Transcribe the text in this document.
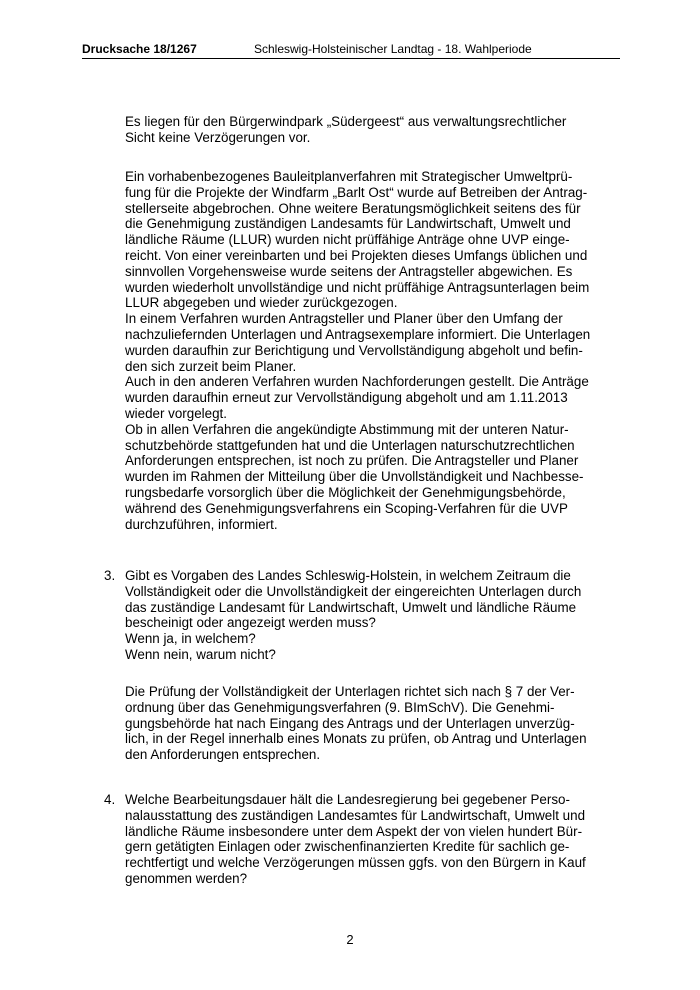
Drucksache 18/1267	Schleswig-Holsteinischer Landtag - 18. Wahlperiode
Es liegen für den Bürgerwindpark „Südergeest“ aus verwaltungsrechtlicher
Sicht keine Verzögerungen vor.
Ein vorhabenbezogenes Bauleitplanverfahren mit Strategischer Umweltprü-
fung für die Projekte der Windfarm „Barlt Ost“ wurde auf Betreiben der Antrag-
stellerseite abgebrochen. Ohne weitere Beratungsmöglichkeit seitens des für
die Genehmigung zuständigen Landesamts für Landwirtschaft, Umwelt und
ländliche Räume (LLUR) wurden nicht prüffähige Anträge ohne UVP einge-
reicht. Von einer vereinbarten und bei Projekten dieses Umfangs üblichen und
sinnvollen Vorgehensweise wurde seitens der Antragsteller abgewichen. Es
wurden wiederholt unvollständige und nicht prüffähige Antragsunterlagen beim
LLUR abgegeben und wieder zurückgezogen.
In einem Verfahren wurden Antragsteller und Planer über den Umfang der
nachzuliefernden Unterlagen und Antragsexemplare informiert. Die Unterlagen
wurden daraufhin zur Berichtigung und Vervollständigung abgeholt und befin-
den sich zurzeit beim Planer.
Auch in den anderen Verfahren wurden Nachforderungen gestellt. Die Anträge
wurden daraufhin erneut zur Vervollständigung abgeholt und am 1.11.2013
wieder vorgelegt.
Ob in allen Verfahren die angekündigte Abstimmung mit der unteren Natur-
schutzbehörde stattgefunden hat und die Unterlagen naturschutzrechtlichen
Anforderungen entsprechen, ist noch zu prüfen. Die Antragsteller und Planer
wurden im Rahmen der Mitteilung über die Unvollständigkeit und Nachbesse-
rungsbedarfe vorsorglich über die Möglichkeit der Genehmigungsbehörde,
während des Genehmigungsverfahrens ein Scoping-Verfahren für die UVP
durchzuführen, informiert.
3. Gibt es Vorgaben des Landes Schleswig-Holstein, in welchem Zeitraum die
Vollständigkeit oder die Unvollständigkeit der eingereichten Unterlagen durch
das zuständige Landesamt für Landwirtschaft, Umwelt und ländliche Räume
bescheinigt oder angezeigt werden muss?
Wenn ja, in welchem?
Wenn nein, warum nicht?
Die Prüfung der Vollständigkeit der Unterlagen richtet sich nach § 7 der Ver-
ordnung über das Genehmigungsverfahren (9. BImSchV). Die Genehmi-
gungsbehörde hat nach Eingang des Antrags und der Unterlagen unverzüg-
lich, in der Regel innerhalb eines Monats zu prüfen, ob Antrag und Unterlagen
den Anforderungen entsprechen.
4. Welche Bearbeitungsdauer hält die Landesregierung bei gegebener Perso-
nalausstattung des zuständigen Landesamtes für Landwirtschaft, Umwelt und
ländliche Räume insbesondere unter dem Aspekt der von vielen hundert Bür-
gern getätigten Einlagen oder zwischenfinanzierten Kredite für sachlich ge-
rechtfertigt und welche Verzögerungen müssen ggfs. von den Bürgern in Kauf
genommen werden?
2
